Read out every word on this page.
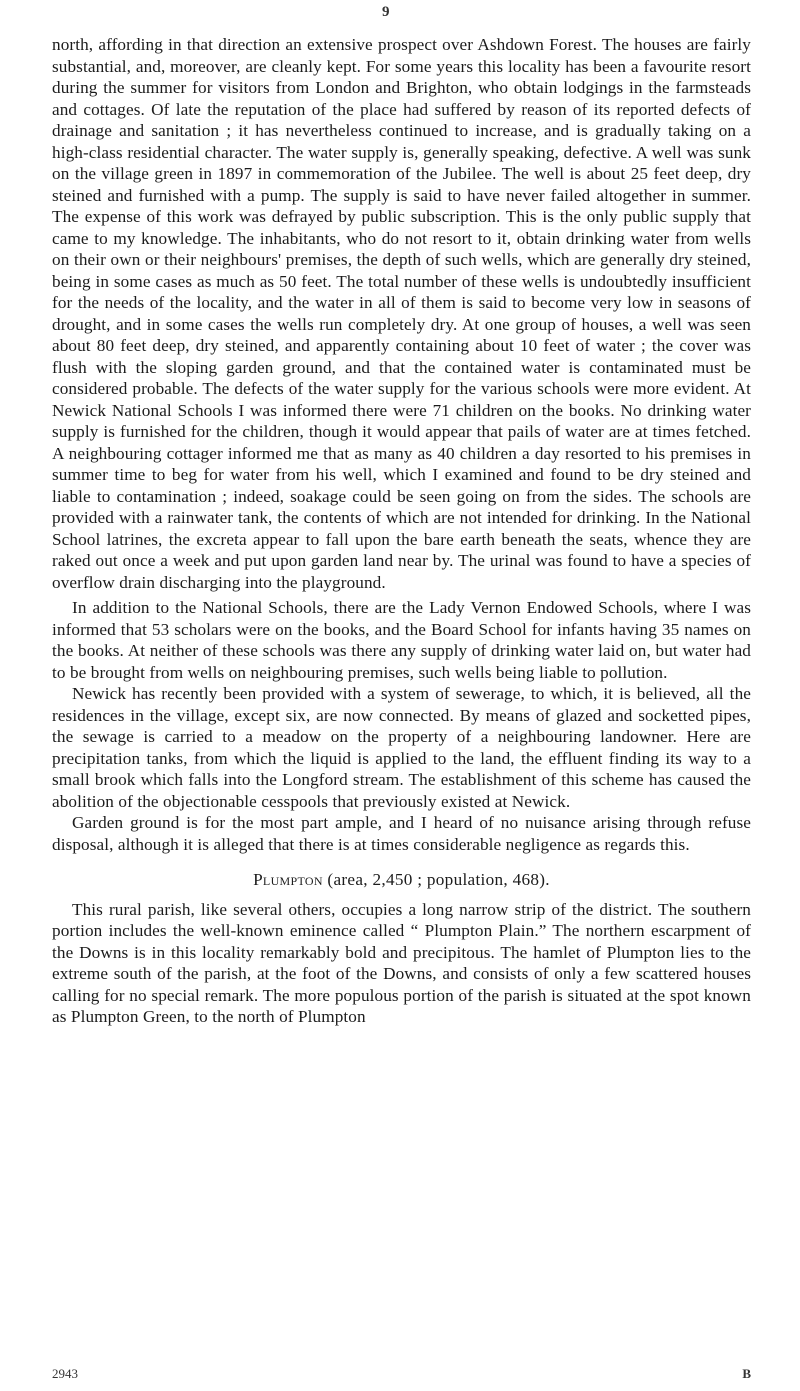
9

north, affording in that direction an extensive prospect over Ashdown Forest. The houses are fairly substantial, and, moreover, are cleanly kept. For some years this locality has been a favourite resort during the summer for visitors from London and Brighton, who obtain lodgings in the farmsteads and cottages. Of late the reputation of the place had suffered by reason of its reported defects of drainage and sanitation ; it has nevertheless continued to increase, and is gradually taking on a high-class residential character. The water supply is, generally speaking, defective. A well was sunk on the village green in 1897 in commemoration of the Jubilee. The well is about 25 feet deep, dry steined and furnished with a pump. The supply is said to have never failed altogether in summer. The expense of this work was defrayed by public subscription. This is the only public supply that came to my knowledge. The inhabitants, who do not resort to it, obtain drinking water from wells on their own or their neighbours' premises, the depth of such wells, which are generally dry steined, being in some cases as much as 50 feet. The total number of these wells is undoubtedly insufficient for the needs of the locality, and the water in all of them is said to become very low in seasons of drought, and in some cases the wells run completely dry. At one group of houses, a well was seen about 80 feet deep, dry steined, and apparently containing about 10 feet of water ; the cover was flush with the sloping garden ground, and that the contained water is contaminated must be considered probable. The defects of the water supply for the various schools were more evident. At Newick National Schools I was informed there were 71 children on the books. No drinking water supply is furnished for the children, though it would appear that pails of water are at times fetched. A neighbouring cottager informed me that as many as 40 children a day resorted to his premises in summer time to beg for water from his well, which I examined and found to be dry steined and liable to contamination ; indeed, soakage could be seen going on from the sides. The schools are provided with a rainwater tank, the contents of which are not intended for drinking. In the National School latrines, the excreta appear to fall upon the bare earth beneath the seats, whence they are raked out once a week and put upon garden land near by. The urinal was found to have a species of overflow drain discharging into the playground.

In addition to the National Schools, there are the Lady Vernon Endowed Schools, where I was informed that 53 scholars were on the books, and the Board School for infants having 35 names on the books. At neither of these schools was there any supply of drinking water laid on, but water had to be brought from wells on neighbouring premises, such wells being liable to pollution.

Newick has recently been provided with a system of sewerage, to which, it is believed, all the residences in the village, except six, are now connected. By means of glazed and socketted pipes, the sewage is carried to a meadow on the property of a neighbouring landowner. Here are precipitation tanks, from which the liquid is applied to the land, the effluent finding its way to a small brook which falls into the Longford stream. The establishment of this scheme has caused the abolition of the objectionable cesspools that previously existed at Newick.

Garden ground is for the most part ample, and I heard of no nuisance arising through refuse disposal, although it is alleged that there is at times considerable negligence as regards this.

Plumpton (area, 2,450 ; population, 468).

This rural parish, like several others, occupies a long narrow strip of the district. The southern portion includes the well-known eminence called “ Plumpton Plain.” The northern escarpment of the Downs is in this locality remarkably bold and precipitous. The hamlet of Plumpton lies to the extreme south of the parish, at the foot of the Downs, and consists of only a few scattered houses calling for no special remark. The more populous portion of the parish is situated at the spot known as Plumpton Green, to the north of Plumpton

2943	B
